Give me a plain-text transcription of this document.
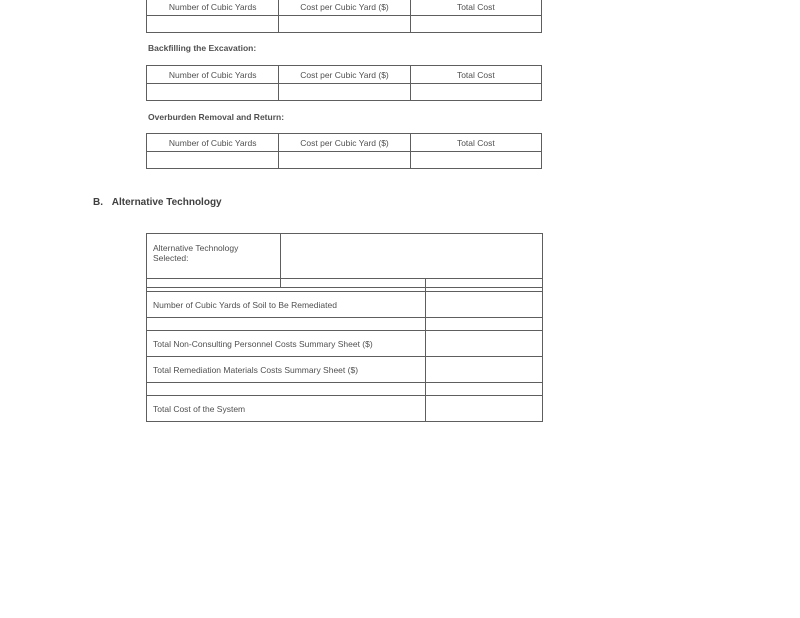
Number of Cubic Yards	Cost per Cubic Yard ($)	Total Cost

Backfilling the Excavation:
Number of Cubic Yards	Cost per Cubic Yard ($)	Total Cost

Overburden Removal and Return:
Number of Cubic Yards	Cost per Cubic Yard ($)	Total Cost

B. Alternative Technology
Alternative Technology
Selected:

Number of Cubic Yards of Soil to Be Remediated	

Total Non-Consulting Personnel Costs Summary Sheet ($)	
Total Remediation Materials Costs Summary Sheet ($)	

Total Cost of the System	
